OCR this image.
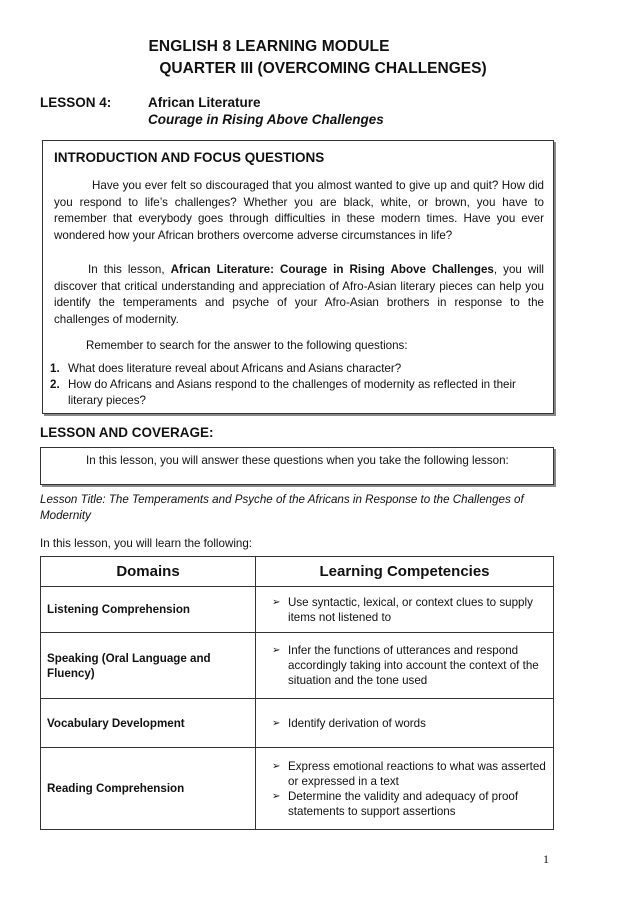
ENGLISH 8 LEARNING MODULE
QUARTER III (OVERCOMING CHALLENGES)
LESSON 4:	African Literature
Courage in Rising Above Challenges
INTRODUCTION AND FOCUS QUESTIONS
Have you ever felt so discouraged that you almost wanted to give up and quit? How did you respond to life’s challenges? Whether you are black, white, or brown, you have to remember that everybody goes through difficulties in these modern times. Have you ever wondered how your African brothers overcome adverse circumstances in life?
In this lesson, African Literature: Courage in Rising Above Challenges, you will discover that critical understanding and appreciation of Afro-Asian literary pieces can help you identify the temperaments and psyche of your Afro-Asian brothers in response to the challenges of modernity.
Remember to search for the answer to the following questions:
1. What does literature reveal about Africans and Asians character?
2. How do Africans and Asians respond to the challenges of modernity as reflected in their literary pieces?
LESSON AND COVERAGE:
In this lesson, you will answer these questions when you take the following lesson:
Lesson Title: The Temperaments and Psyche of the Africans in Response to the Challenges of Modernity
In this lesson, you will learn the following:
Domains	Learning Competencies
Listening Comprehension	➢ Use syntactic, lexical, or context clues to supply items not listened to

Speaking (Oral Language and Fluency)	➢ Infer the functions of utterances and respond accordingly taking into account the context of the situation and the tone used

Vocabulary Development	➢ Identify derivation of words

Reading Comprehension	➢ Express emotional reactions to what was asserted or expressed in a text
➢ Determine the validity and adequacy of proof statements to support assertions
1
